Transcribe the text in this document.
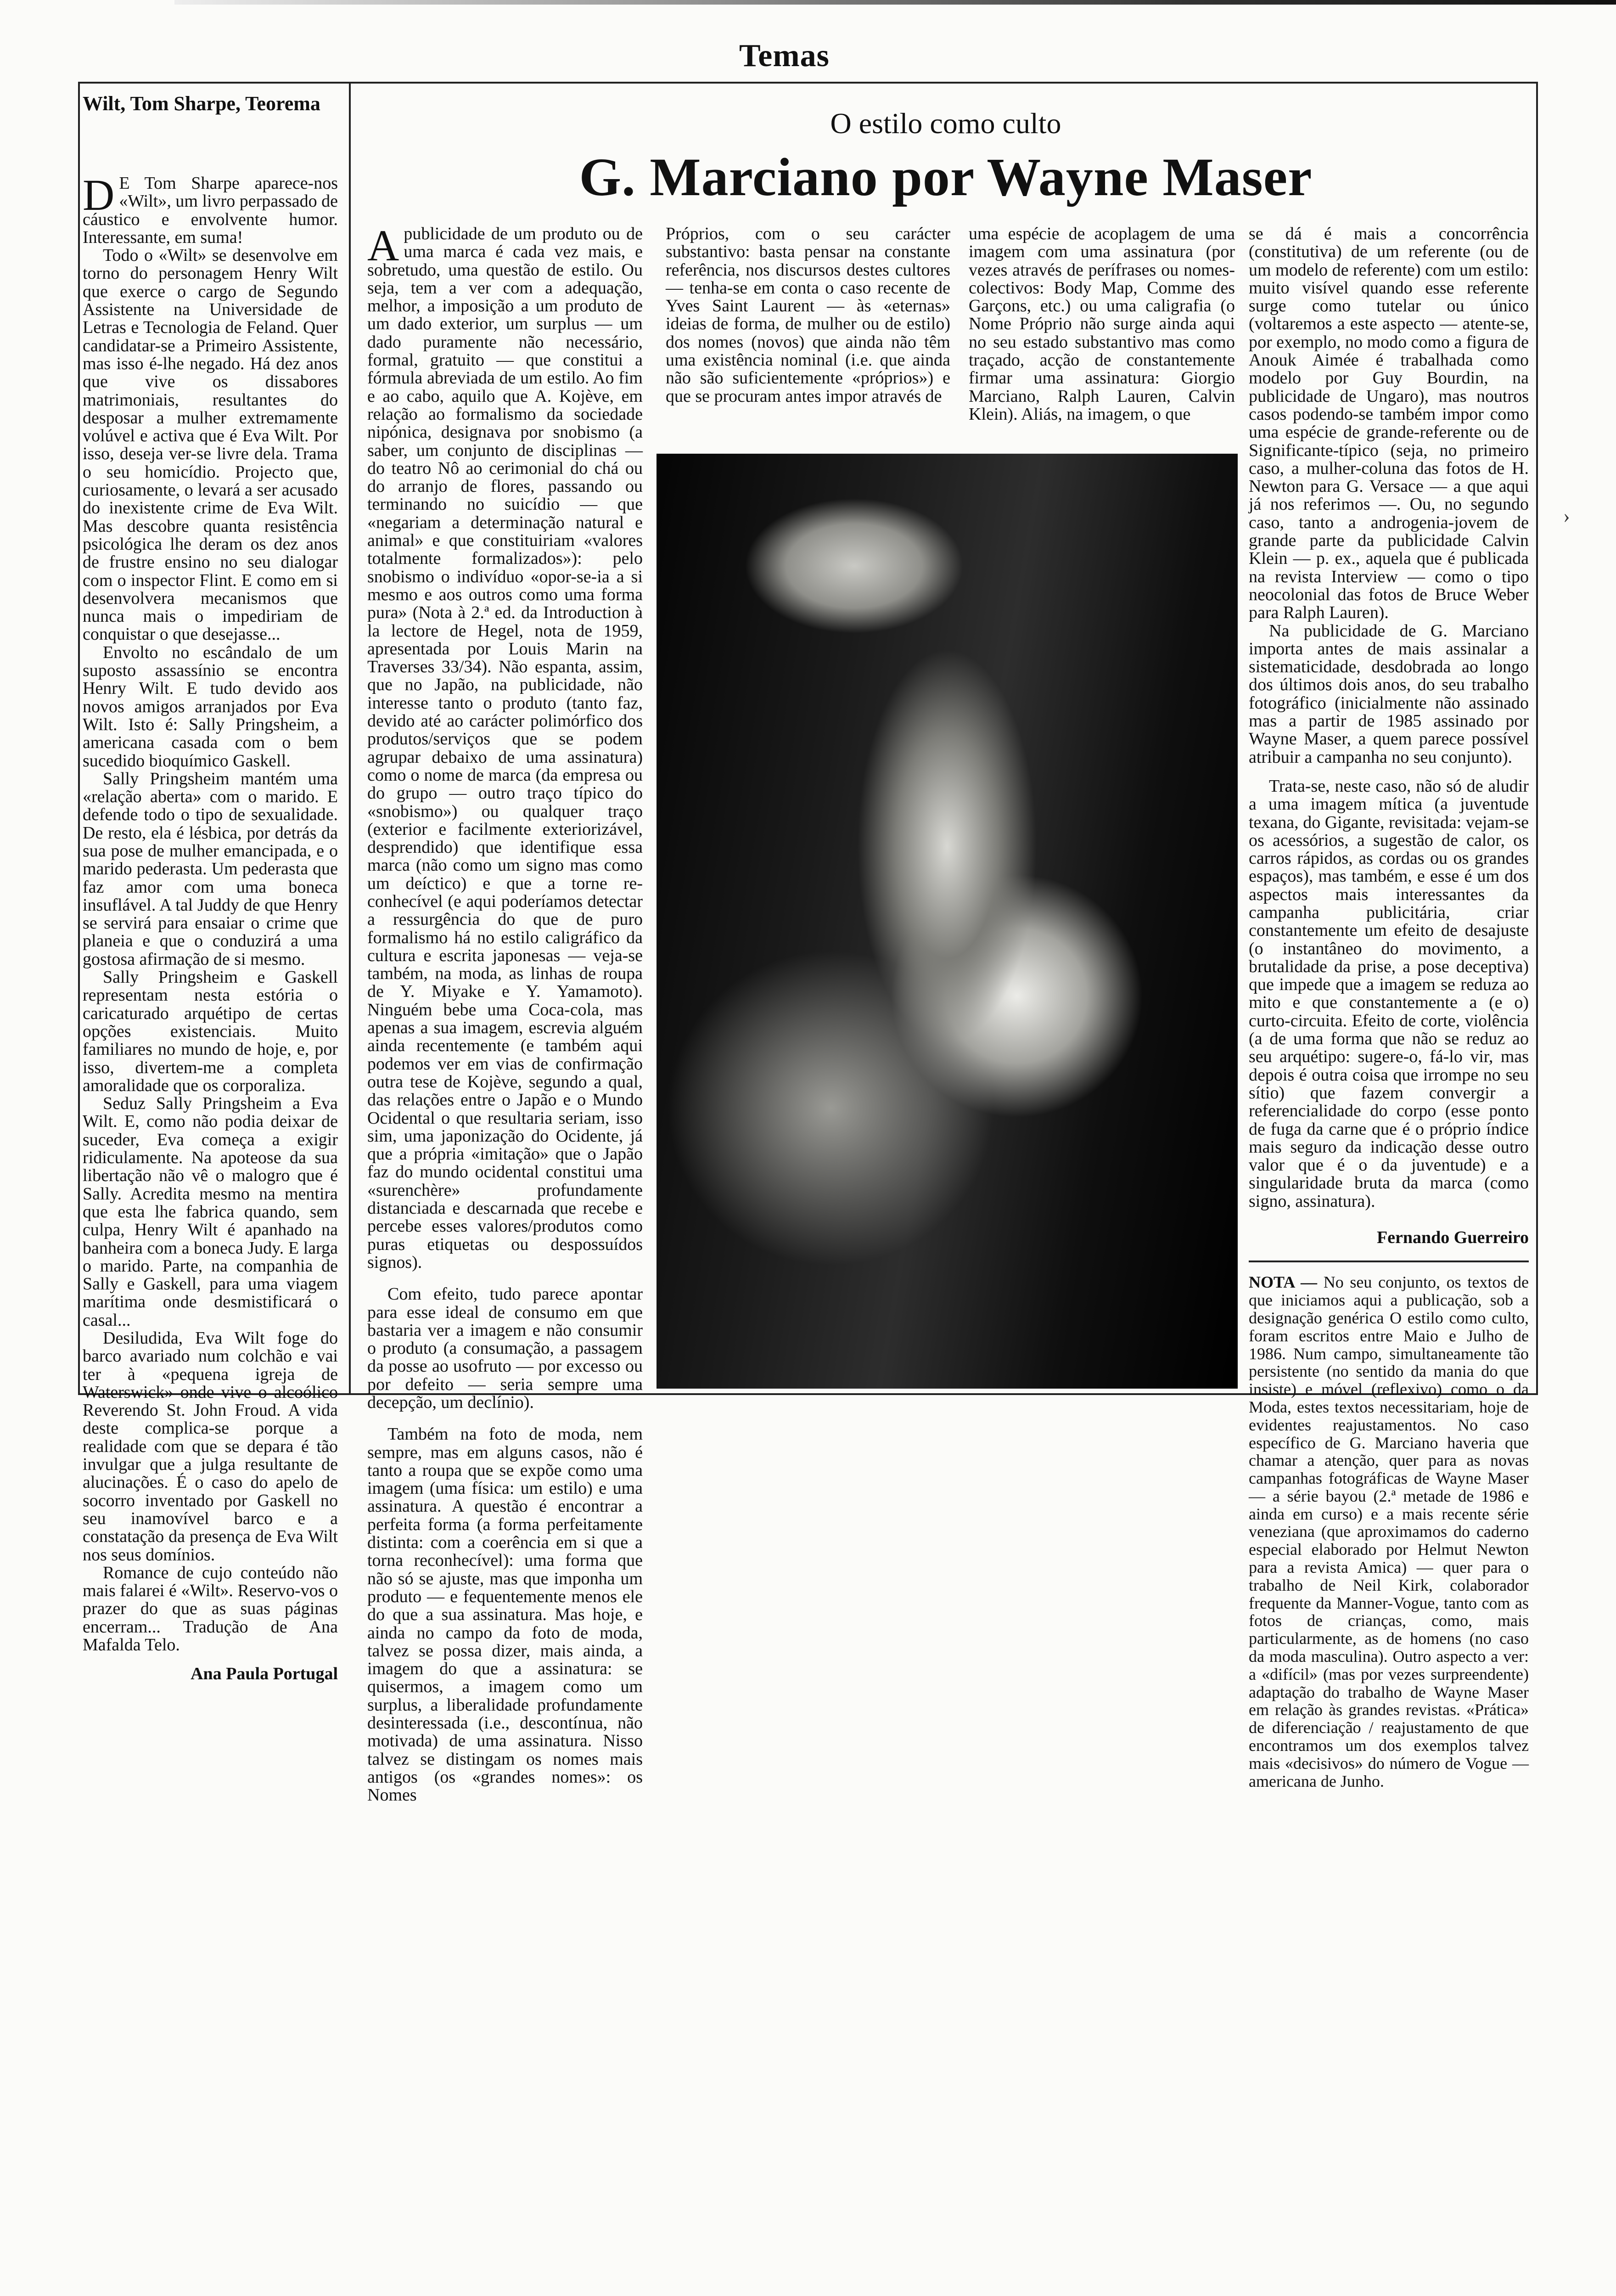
Temas
Wilt, Tom Sharpe, Teorema

D E Tom Sharpe aparece-nos «Wilt», um livro perpassado de cáustico e envolvente humor. Interessante, em suma!

Todo o «Wilt» se desenvolve em torno do personagem Henry Wilt que exerce o cargo de Segundo Assistente na Universidade de Letras e Tecnologia de Feland. Quer candidatar-se a Primeiro Assistente, mas isso é-lhe negado. Há dez anos que vive os dissabores matrimoniais, resultantes do desposar a mulher extremamente volúvel e activa que é Eva Wilt. Por isso, deseja ver-se livre dela. Trama o seu homicídio. Projecto que, curiosamente, o levará a ser acusado do inexistente crime de Eva Wilt. Mas descobre quanta resistência psicológica lhe deram os dez anos de frustre ensino no seu dialogar com o inspector Flint. E como em si desenvolvera mecanismos que nunca mais o impediriam de conquistar o que desejasse...

Envolto no escândalo de um suposto assassínio se encontra Henry Wilt. E tudo devido aos novos amigos arranjados por Eva Wilt. Isto é: Sally Pringsheim, a americana casada com o bem sucedido bioquímico Gaskell.

Sally Pringsheim mantém uma «relação aberta» com o marido. E defende todo o tipo de sexualidade. De resto, ela é lésbica, por detrás da sua pose de mulher emancipada, e o marido pederasta. Um pederasta que faz amor com uma boneca insuflável. A tal Juddy de que Henry se servirá para ensaiar o crime que planeia e que o conduzirá a uma gostosa afirmação de si mesmo.

Sally Pringsheim e Gaskell representam nesta estória o caricaturado arquétipo de certas opções existenciais. Muito familiares no mundo de hoje, e, por isso, divertem-me a completa amoralidade que os corporaliza.

Seduz Sally Pringsheim a Eva Wilt. E, como não podia deixar de suceder, Eva começa a exigir ridiculamente. Na apoteose da sua libertação não vê o malogro que é Sally. Acredita mesmo na mentira que esta lhe fabrica quando, sem culpa, Henry Wilt é apanhado na banheira com a boneca Judy. E larga o marido. Parte, na companhia de Sally e Gaskell, para uma viagem marítima onde desmistificará o casal...

Desiludida, Eva Wilt foge do barco avariado num colchão e vai ter à «pequena igreja de Waterswick» onde vive o alcoólico Reverendo St. John Froud. A vida deste complica-se porque a realidade com que se depara é tão invulgar que a julga resultante de alucinações. É o caso do apelo de socorro inventado por Gaskell no seu inamovível barco e a constatação da presença de Eva Wilt nos seus domínios.

Romance de cujo conteúdo não mais falarei é «Wilt». Reservo-vos o prazer do que as suas páginas encerram... Tradução de Ana Mafalda Telo.

Ana Paula Portugal

O estilo como culto
G. Marciano por Wayne Maser

Apublicidade de um produto ou de uma marca é cada vez mais, e sobretudo, uma questão de estilo. Ou seja, tem a ver com a adequação, melhor, a imposição a um produto de um dado exterior, um surplus — um dado puramente não necessário, formal, gratuito — que constitui a fórmula abreviada de um estilo. Ao fim e ao cabo, aquilo que A. Kojève, em relação ao formalismo da sociedade nipónica, designava por snobismo (a saber, um conjunto de disciplinas — do teatro Nô ao cerimonial do chá ou do arranjo de flores, passando ou terminando no suicídio — que «negariam a determinação natural e animal» e que constituiriam «valores totalmente formalizados»): pelo snobismo o indivíduo «opor-se-ia a si mesmo e aos outros como uma forma pura» (Nota à 2.ª ed. da Introduction à la lectore de Hegel, nota de 1959, apresentada por Louis Marin na Traverses 33/34). Não espanta, assim, que no Japão, na publicidade, não interesse tanto o produto (tanto faz, devido até ao carácter polimórfico dos produtos/serviços que se podem agrupar debaixo de uma assinatura) como o nome de marca (da empresa ou do grupo — outro traço típico do «snobismo») ou qualquer traço (exterior e facilmente exteriorizável, desprendido) que identifique essa marca (não como um signo mas como um deíctico) e que a torne re-conhecível (e aqui poderíamos detectar a ressurgência do que de puro formalismo há no estilo caligráfico da cultura e escrita japonesas — veja-se também, na moda, as linhas de roupa de Y. Miyake e Y. Yamamoto). Ninguém bebe uma Coca-cola, mas apenas a sua imagem, escrevia alguém ainda recentemente (e também aqui podemos ver em vias de confirmação outra tese de Kojève, segundo a qual, das relações entre o Japão e o Mundo Ocidental o que resultaria seriam, isso sim, uma japonização do Ocidente, já que a própria «imitação» que o Japão faz do mundo ocidental constitui uma «surenchère» profundamente distanciada e descarnada que recebe e percebe esses valores/produtos como puras etiquetas ou despossuídos signos).

Com efeito, tudo parece apontar para esse ideal de consumo em que bastaria ver a imagem e não consumir o produto (a consumação, a passagem da posse ao usofruto — por excesso ou por defeito — seria sempre uma decepção, um declínio).

Também na foto de moda, nem sempre, mas em alguns casos, não é tanto a roupa que se expõe como uma imagem (uma física: um estilo) e uma assinatura. A questão é encontrar a perfeita forma (a forma perfeitamente distinta: com a coerência em si que a torna reconhecível): uma forma que não só se ajuste, mas que imponha um produto — e fequentemente menos ele do que a sua assinatura. Mas hoje, e ainda no campo da foto de moda, talvez se possa dizer, mais ainda, a imagem do que a assinatura: se quisermos, a imagem como um surplus, a liberalidade profundamente desinteressada (i.e., descontínua, não motivada) de uma assinatura. Nisso talvez se distingam os nomes mais antigos (os «grandes nomes»: os Nomes

Próprios, com o seu carácter substantivo: basta pensar na constante referência, nos discursos destes cultores — tenha-se em conta o caso recente de Yves Saint Laurent — às «eternas» ideias de forma, de mulher ou de estilo) dos nomes (novos) que ainda não têm uma existência nominal (i.e. que ainda não são suficientemente «próprios») e que se procuram antes impor através de

uma espécie de acoplagem de uma imagem com uma assinatura (por vezes através de perífrases ou nomes-colectivos: Body Map, Comme des Garçons, etc.) ou uma caligrafia (o Nome Próprio não surge ainda aqui no seu estado substantivo mas como traçado, acção de constantemente firmar uma assinatura: Giorgio Marciano, Ralph Lauren, Calvin Klein). Aliás, na imagem, o que

se dá é mais a concorrência (constitutiva) de um referente (ou de um modelo de referente) com um estilo: muito visível quando esse referente surge como tutelar ou único (voltaremos a este aspecto — atente-se, por exemplo, no modo como a figura de Anouk Aimée é trabalhada como modelo por Guy Bourdin, na publicidade de Ungaro), mas noutros casos podendo-se também impor como uma espécie de grande-referente ou de Significante-típico (seja, no primeiro caso, a mulher-coluna das fotos de H. Newton para G. Versace — a que aqui já nos referimos —. Ou, no segundo caso, tanto a androgenia-jovem de grande parte da publicidade Calvin Klein — p. ex., aquela que é publicada na revista Interview — como o tipo neocolonial das fotos de Bruce Weber para Ralph Lauren).

Na publicidade de G. Marciano importa antes de mais assinalar a sistematicidade, desdobrada ao longo dos últimos dois anos, do seu trabalho fotográfico (inicialmente não assinado mas a partir de 1985 assinado por Wayne Maser, a quem parece possível atribuir a campanha no seu conjunto).

Trata-se, neste caso, não só de aludir a uma imagem mítica (a juventude texana, do Gigante, revisitada: vejam-se os acessórios, a sugestão de calor, os carros rápidos, as cordas ou os grandes espaços), mas também, e esse é um dos aspectos mais interessantes da campanha publicitária, criar constantemente um efeito de desajuste (o instantâneo do movimento, a brutalidade da prise, a pose deceptiva) que impede que a imagem se reduza ao mito e que constantemente a (e o) curto-circuita. Efeito de corte, violência (a de uma forma que não se reduz ao seu arquétipo: sugere-o, fá-lo vir, mas depois é outra coisa que irrompe no seu sítio) que fazem convergir a referencialidade do corpo (esse ponto de fuga da carne que é o próprio índice mais seguro da indicação desse outro valor que é o da juventude) e a singularidade bruta da marca (como signo, assinatura).

Fernando Guerreiro

NOTA — No seu conjunto, os textos de que iniciamos aqui a publicação, sob a designação genérica O estilo como culto, foram escritos entre Maio e Julho de 1986. Num campo, simultaneamente tão persistente (no sentido da mania do que insiste) e móvel (reflexivo) como o da Moda, estes textos necessitariam, hoje de evidentes reajustamentos. No caso específico de G. Marciano haveria que chamar a atenção, quer para as novas campanhas fotográficas de Wayne Maser — a série bayou (2.ª metade de 1986 e ainda em curso) e a mais recente série veneziana (que aproximamos do caderno especial elaborado por Helmut Newton para a revista Amica) — quer para o trabalho de Neil Kirk, colaborador frequente da Manner-Vogue, tanto com as fotos de crianças, como, mais particularmente, as de homens (no caso da moda masculina). Outro aspecto a ver: a «difícil» (mas por vezes surpreendente) adaptação do trabalho de Wayne Maser em relação às grandes revistas. «Prática» de diferenciação / reajustamento de que encontramos um dos exemplos talvez mais «decisivos» do número de Vogue — americana de Junho.

›
